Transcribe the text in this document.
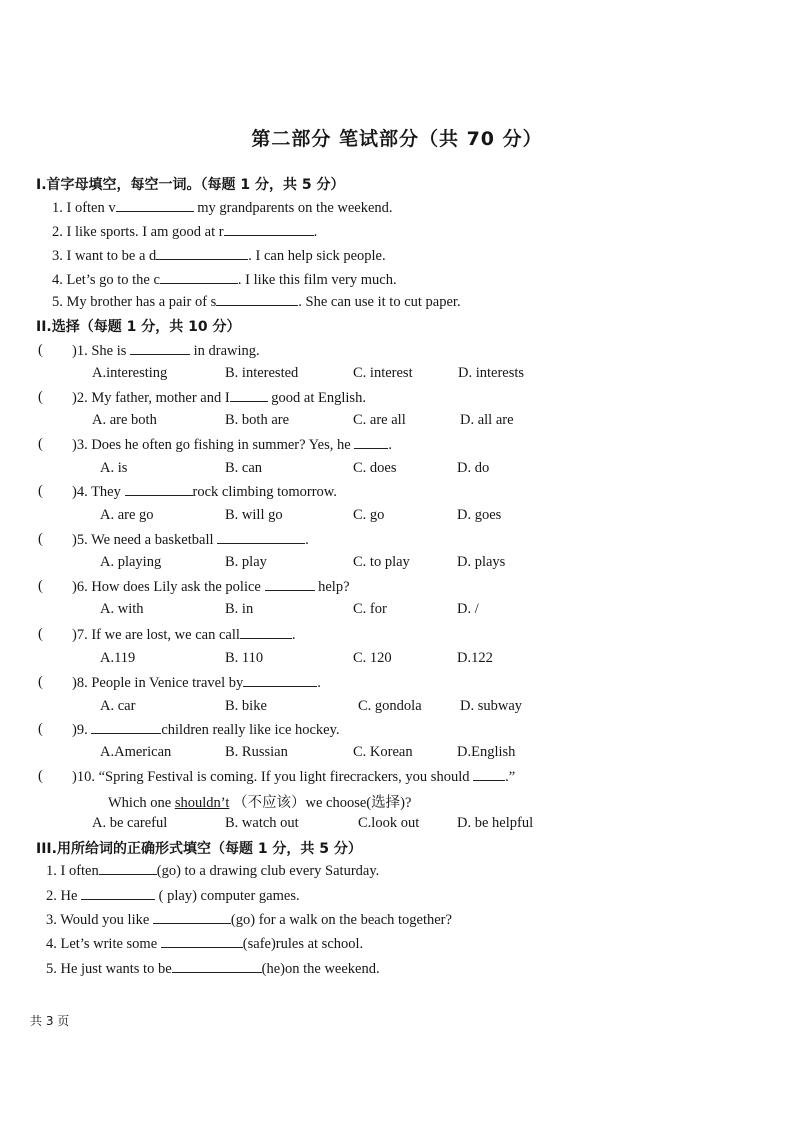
第二部分 笔试部分（共 70 分）
I.首字母填空，每空一词。（每题 1 分，共 5 分）
1. I often v	my grandparents on the weekend.
2. I like sports. I am good at r	.
3. I want to be a d	. I can help sick people.
4. Let’s go to the c	. I like this film very much.
5. My brother has a pair of s	. She can use it to cut paper.
II.选择（每题 1 分，共 10 分）
( )1. She is	in drawing.
A.interesting	B. interested	C. interest	D. interests
( )2. My father, mother and I	good at English.
A. are both	B. both are	C. are all	D. all are
( )3. Does he often go fishing in summer? Yes, he .
A. is	B. can	C. does	D. do
( )4. They	rock climbing tomorrow.
A. are go	B. will go	C. go	D. goes
( )5. We need a basketball	.
A. playing	B. play	C. to play	D. plays
( )6. How does Lily ask the police	help?
A. with	B. in	C. for	D. /
( )7. If we are lost, we can call	.
A.119	B. 110	C. 120	D.122
( )8. People in Venice travel by	.
A. car	B. bike	C. gondola	D. subway
( )9.	children really like ice hockey.
A.American	B. Russian	C. Korean	D.English
( )10. “Spring Festival is coming. If you light firecrackers, you should .”
Which one shouldn’t （不应该）we choose(选择)?
A. be careful	B. watch out	C.look out	D. be helpful
III.用所给词的正确形式填空（每题 1 分，共 5 分）
1. I often	(go) to a drawing club every Saturday.
2. He	( play) computer games.
3. Would you like	(go) for a walk on the beach together?
4. Let’s write some	(safe)rules at school.
5. He just wants to be	(he)on the weekend.
共 3 页
